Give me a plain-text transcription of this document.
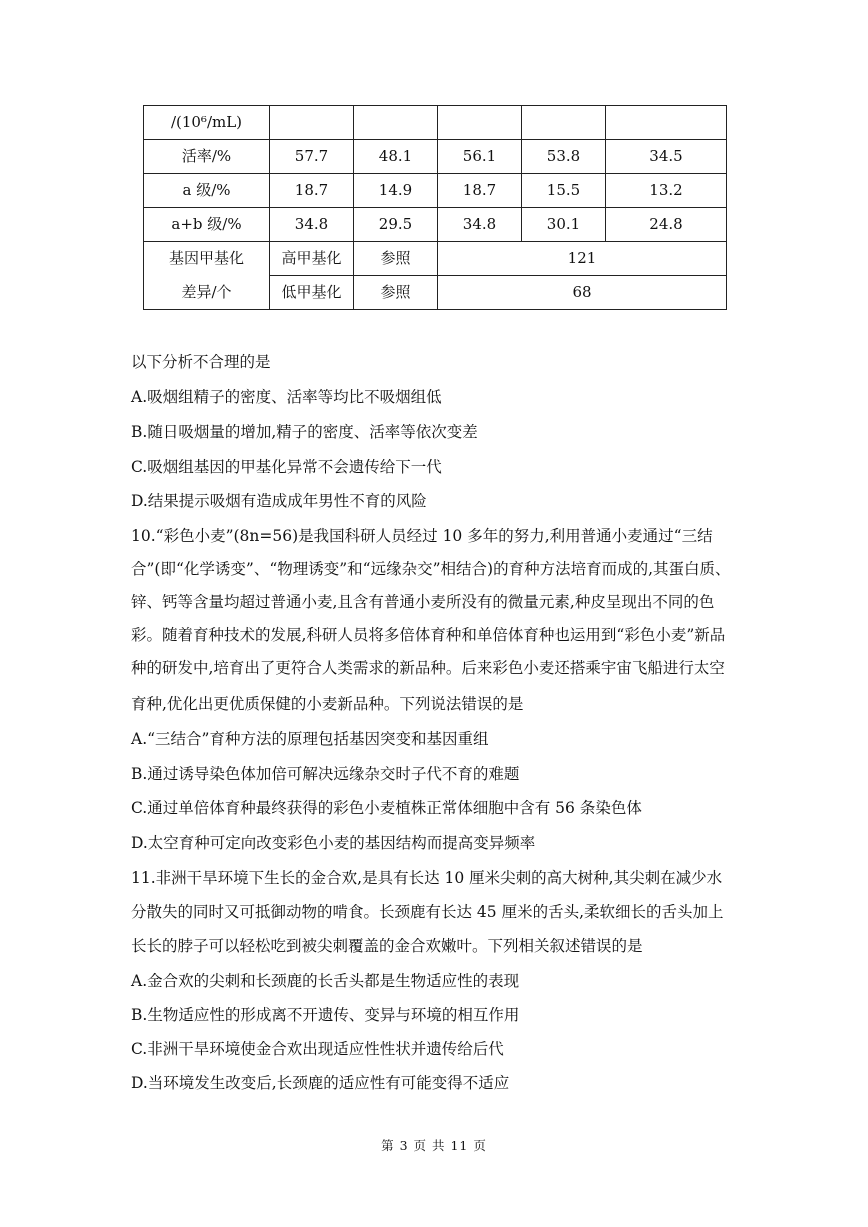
/(10⁶/mL)					
活率/%	57.7	48.1	56.1	53.8	34.5
a 级/%	18.7	14.9	18.7	15.5	13.2
a+b 级/%	34.8	29.5	34.8	30.1	24.8
基因甲基化	高甲基化	参照	121		
差异/个	低甲基化	参照	68		
以下分析不合理的是
A.吸烟组精子的密度、活率等均比不吸烟组低
B.随日吸烟量的增加,精子的密度、活率等依次变差
C.吸烟组基因的甲基化异常不会遗传给下一代
D.结果提示吸烟有造成成年男性不育的风险
10.“彩色小麦”(8n=56)是我国科研人员经过 10 多年的努力,利用普通小麦通过“三结
合”(即“化学诱变”、“物理诱变”和“远缘杂交”相结合)的育种方法培育而成的,其蛋白质、
锌、钙等含量均超过普通小麦,且含有普通小麦所没有的微量元素,种皮呈现出不同的色
彩。随着育种技术的发展,科研人员将多倍体育种和单倍体育种也运用到“彩色小麦”新品
种的研发中,培育出了更符合人类需求的新品种。后来彩色小麦还搭乘宇宙飞船进行太空
育种,优化出更优质保健的小麦新品种。下列说法错误的是
A.“三结合”育种方法的原理包括基因突变和基因重组
B.通过诱导染色体加倍可解决远缘杂交时子代不育的难题
C.通过单倍体育种最终获得的彩色小麦植株正常体细胞中含有 56 条染色体
D.太空育种可定向改变彩色小麦的基因结构而提高变异频率
11.非洲干旱环境下生长的金合欢,是具有长达 10 厘米尖刺的高大树种,其尖刺在减少水
分散失的同时又可抵御动物的啃食。长颈鹿有长达 45 厘米的舌头,柔软细长的舌头加上
长长的脖子可以轻松吃到被尖刺覆盖的金合欢嫩叶。下列相关叙述错误的是
A.金合欢的尖刺和长颈鹿的长舌头都是生物适应性的表现
B.生物适应性的形成离不开遗传、变异与环境的相互作用
C.非洲干旱环境使金合欢出现适应性性状并遗传给后代
D.当环境发生改变后,长颈鹿的适应性有可能变得不适应
第 3 页 共 11 页
